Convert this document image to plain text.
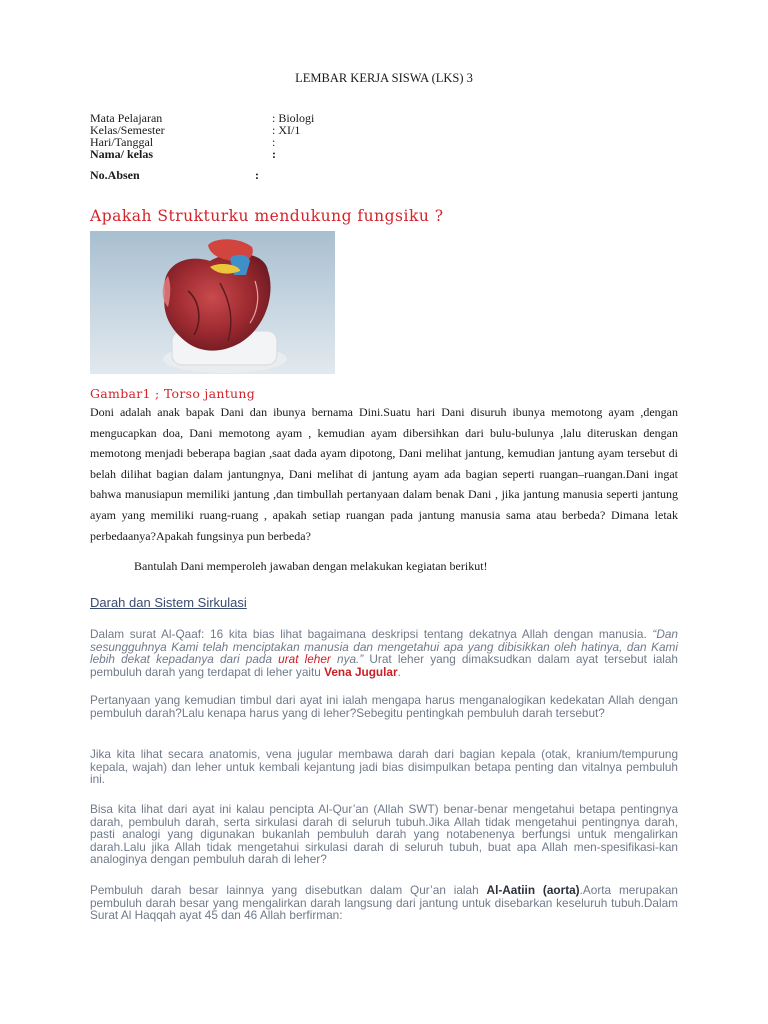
LEMBAR KERJA SISWA (LKS) 3
Mata Pelajaran	: Biologi
Kelas/Semester	: XI/1
Hari/Tanggal	:
Nama/ kelas	:
No.Absen	:
Apakah Strukturku mendukung fungsiku ?
Gambar1 ; Torso jantung
Doni adalah anak bapak Dani dan ibunya bernama Dini.Suatu hari Dani disuruh ibunya memotong ayam ,dengan mengucapkan doa, Dani memotong ayam , kemudian ayam dibersihkan dari bulu-bulunya ,lalu diteruskan dengan memotong menjadi beberapa bagian ,saat dada ayam dipotong, Dani melihat jantung, kemudian jantung ayam tersebut di belah dilihat bagian dalam jantungnya, Dani melihat di jantung ayam ada bagian seperti ruangan–ruangan.Dani ingat bahwa manusiapun memiliki jantung ,dan timbullah pertanyaan dalam benak Dani , jika jantung manusia seperti jantung ayam yang memiliki ruang-ruang , apakah setiap ruangan pada jantung manusia sama atau berbeda? Dimana letak perbedaanya?Apakah fungsinya pun berbeda?
Bantulah Dani memperoleh jawaban dengan melakukan kegiatan berikut!
Darah dan Sistem Sirkulasi
Dalam surat Al-Qaaf: 16 kita bias lihat bagaimana deskripsi tentang dekatnya Allah dengan manusia. “Dan sesungguhnya Kami telah menciptakan manusia dan mengetahui apa yang dibisikkan oleh hatinya, dan Kami lebih dekat kepadanya dari pada urat leher nya.” Urat leher yang dimaksudkan dalam ayat tersebut ialah pembuluh darah yang terdapat di leher yaitu Vena Jugular.
Pertanyaan yang kemudian timbul dari ayat ini ialah mengapa harus menganalogikan kedekatan Allah dengan pembuluh darah?Lalu kenapa harus yang di leher?Sebegitu pentingkah pembuluh darah tersebut?
Jika kita lihat secara anatomis, vena jugular membawa darah dari bagian kepala (otak, kranium/tempurung kepala, wajah) dan leher untuk kembali kejantung jadi bias disimpulkan betapa penting dan vitalnya pembuluh ini.
Bisa kita lihat dari ayat ini kalau pencipta Al-Qur’an (Allah SWT) benar-benar mengetahui betapa pentingnya darah, pembuluh darah, serta sirkulasi darah di seluruh tubuh.Jika Allah tidak mengetahui pentingnya darah, pasti analogi yang digunakan bukanlah pembuluh darah yang notabenenya berfungsi untuk mengalirkan darah.Lalu jika Allah tidak mengetahui sirkulasi darah di seluruh tubuh, buat apa Allah men-spesifikasi-kan analoginya dengan pembuluh darah di leher?
Pembuluh darah besar lainnya yang disebutkan dalam Qur’an ialah Al-Aatiin (aorta).Aorta merupakan pembuluh darah besar yang mengalirkan darah langsung dari jantung untuk disebarkan keseluruh tubuh.Dalam Surat Al Haqqah ayat 45 dan 46 Allah berfirman:
